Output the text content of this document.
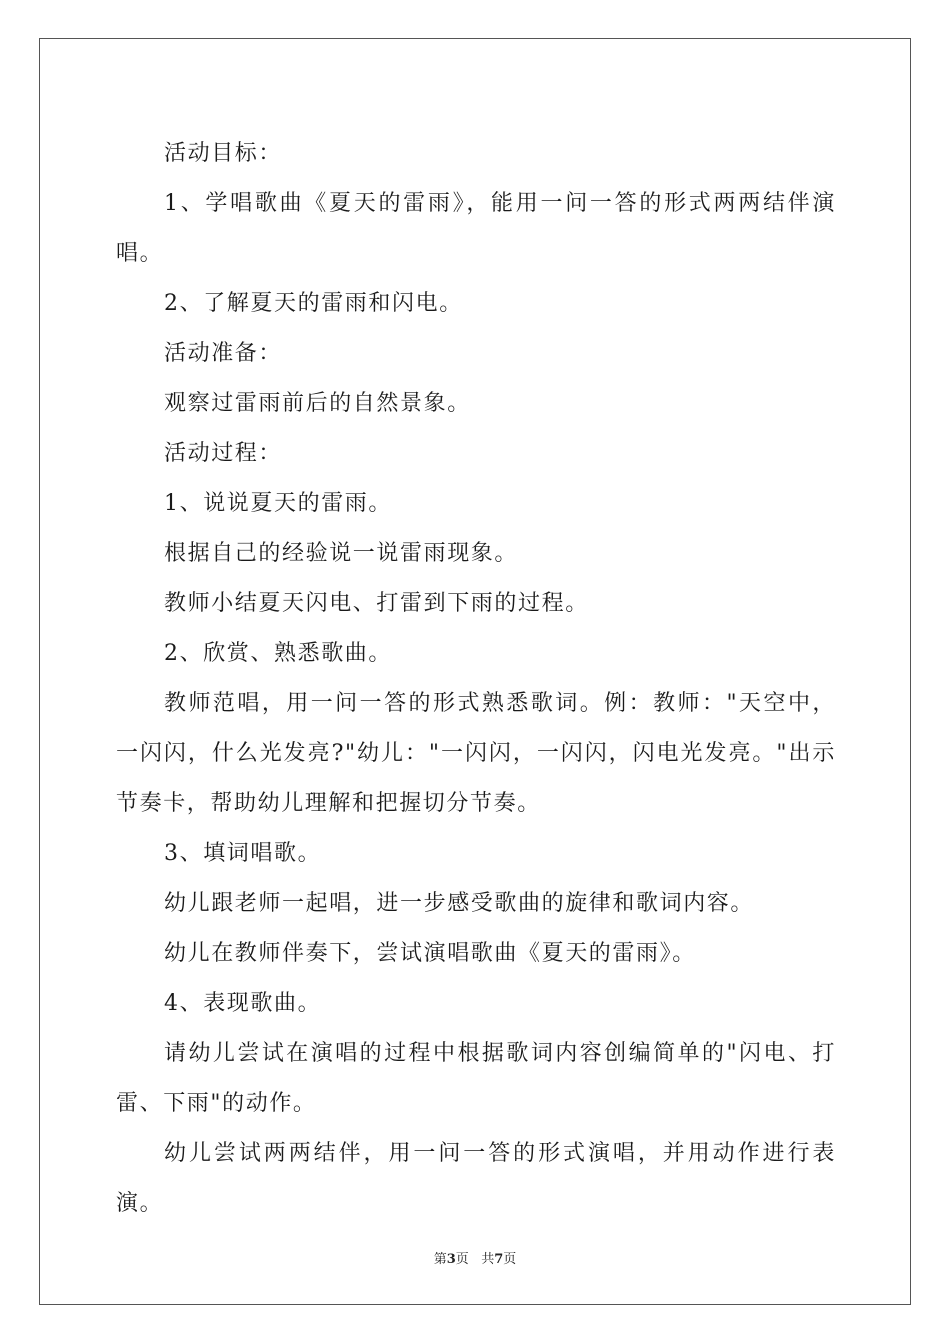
活动目标：

1、学唱歌曲《夏天的雷雨》，能用一问一答的形式两两结伴演唱。

2、了解夏天的雷雨和闪电。

活动准备：

观察过雷雨前后的自然景象。

活动过程：

1、说说夏天的雷雨。

根据自己的经验说一说雷雨现象。

教师小结夏天闪电、打雷到下雨的过程。

2、欣赏、熟悉歌曲。

教师范唱，用一问一答的形式熟悉歌词。例：教师："天空中，一闪闪，什么光发亮?"幼儿："一闪闪，一闪闪，闪电光发亮。"出示节奏卡，帮助幼儿理解和把握切分节奏。

3、填词唱歌。

幼儿跟老师一起唱，进一步感受歌曲的旋律和歌词内容。

幼儿在教师伴奏下，尝试演唱歌曲《夏天的雷雨》。

4、表现歌曲。

请幼儿尝试在演唱的过程中根据歌词内容创编简单的"闪电、打雷、下雨"的动作。

幼儿尝试两两结伴，用一问一答的形式演唱，并用动作进行表演。

第3页 共7页
